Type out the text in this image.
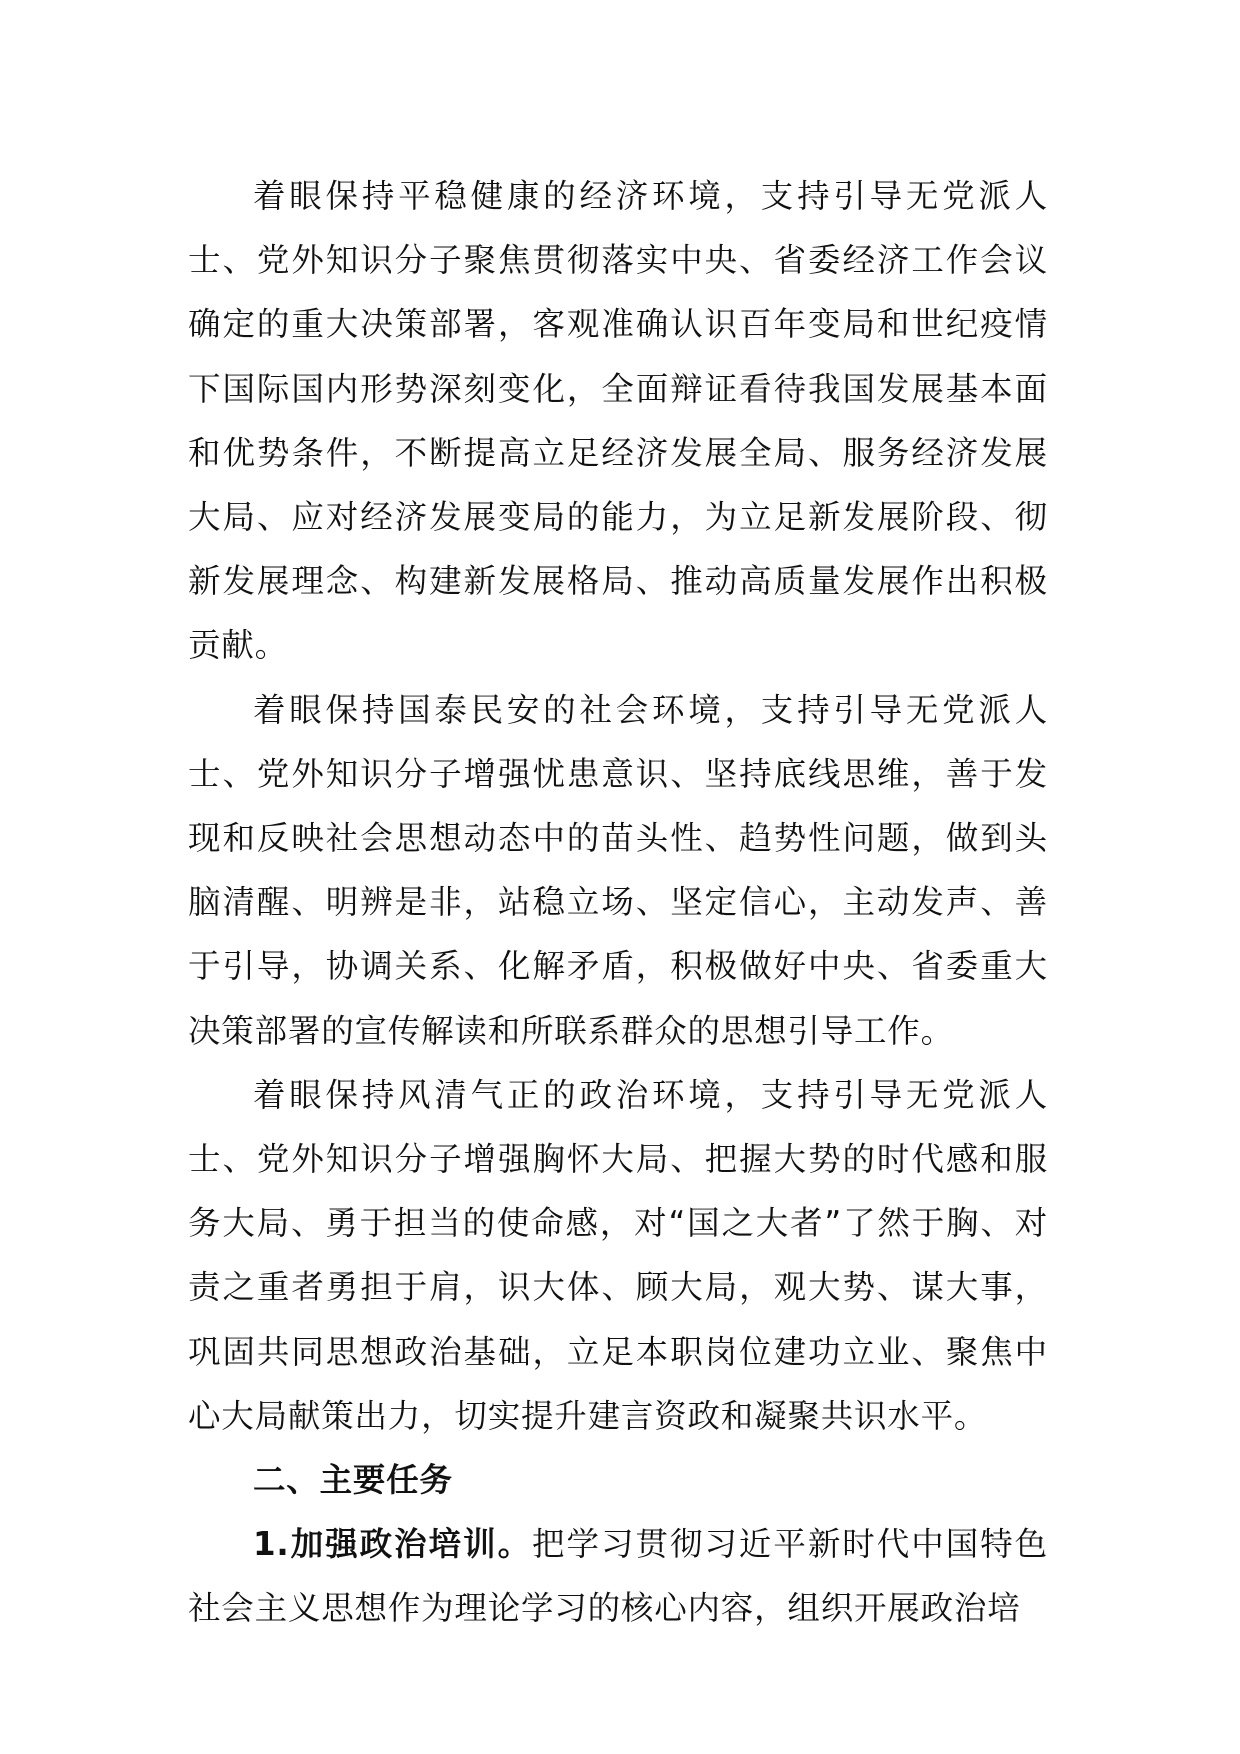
着眼保持平稳健康的经济环境，支持引导无党派人士、党外知识分子聚焦贯彻落实中央、省委经济工作会议确定的重大决策部署，客观准确认识百年变局和世纪疫情下国际国内形势深刻变化，全面辩证看待我国发展基本面和优势条件，不断提高立足经济发展全局、服务经济发展大局、应对经济发展变局的能力，为立足新发展阶段、彻新发展理念、构建新发展格局、推动高质量发展作出积极贡献。

着眼保持国泰民安的社会环境，支持引导无党派人士、党外知识分子增强忧患意识、坚持底线思维，善于发现和反映社会思想动态中的苗头性、趋势性问题，做到头脑清醒、明辨是非，站稳立场、坚定信心，主动发声、善于引导，协调关系、化解矛盾，积极做好中央、省委重大决策部署的宣传解读和所联系群众的思想引导工作。

着眼保持风清气正的政治环境，支持引导无党派人士、党外知识分子增强胸怀大局、把握大势的时代感和服务大局、勇于担当的使命感，对“国之大者”了然于胸、对责之重者勇担于肩，识大体、顾大局，观大势、谋大事，巩固共同思想政治基础，立足本职岗位建功立业、聚焦中心大局献策出力，切实提升建言资政和凝聚共识水平。

二、主要任务

1.加强政治培训。把学习贯彻习近平新时代中国特色社会主义思想作为理论学习的核心内容，组织开展政治培
